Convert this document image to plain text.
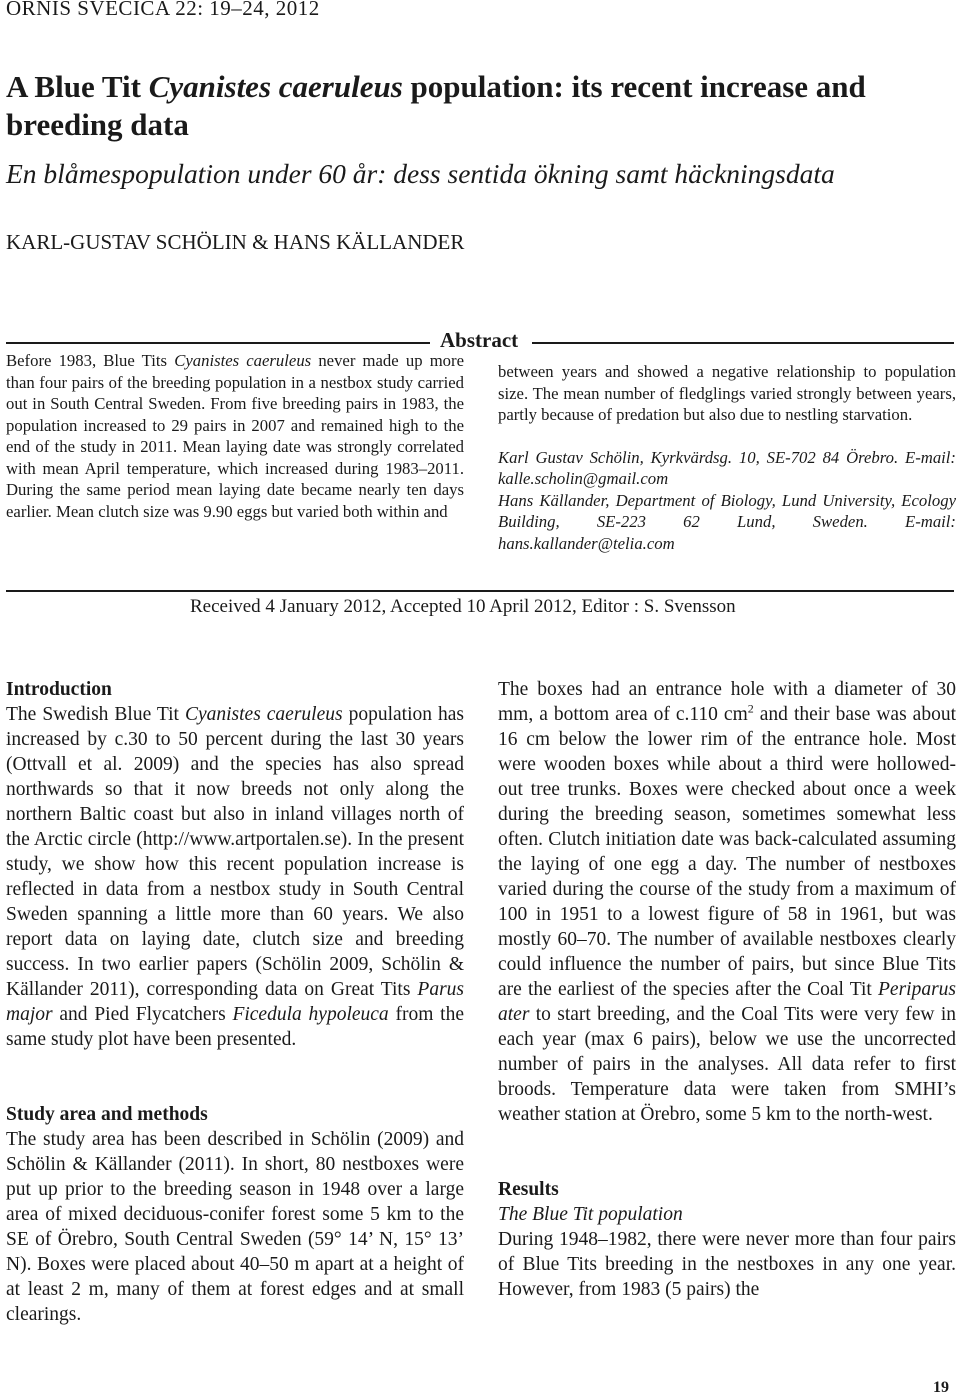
ORNIS SVECICA 22: 19–24, 2012
A Blue Tit Cyanistes caeruleus population: its recent increase and breeding data
En blåmespopulation under 60 år: dess sentida ökning samt häckningsdata
KARL-GUSTAV SCHÖLIN & HANS KÄLLANDER
Abstract

Before 1983, Blue Tits Cyanistes caeruleus never made up more than four pairs of the breeding population in a nestbox study carried out in South Central Sweden. From five breeding pairs in 1983, the population increased to 29 pairs in 2007 and remained high to the end of the study in 2011. Mean laying date was strongly correlated with mean April temperature, which increased during 1983–2011. During the same period mean laying date became nearly ten days earlier. Mean clutch size was 9.90 eggs but varied both within and

between years and showed a negative relationship to population size. The mean number of fledglings varied strongly between years, partly because of predation but also due to nestling starvation.

Karl Gustav Schölin, Kyrkvärdsg. 10, SE-702 84 Örebro. E-mail: kalle.scholin@gmail.com

Hans Källander, Department of Biology, Lund University, Ecology Building, SE-223 62 Lund, Sweden. E-mail: hans.kallander@telia.com

Received 4 January 2012, Accepted 10 April 2012, Editor : S. Svensson

Introduction

The Swedish Blue Tit Cyanistes caeruleus population has increased by c.30 to 50 percent during the last 30 years (Ottvall et al. 2009) and the species has also spread northwards so that it now breeds not only along the northern Baltic coast but also in inland villages north of the Arctic circle (http://www.artportalen.se). In the present study, we show how this recent population increase is reflected in data from a nestbox study in South Central Sweden spanning a little more than 60 years. We also report data on laying date, clutch size and breeding success. In two earlier papers (Schölin 2009, Schölin & Källander 2011), corresponding data on Great Tits Parus major and Pied Flycatchers Ficedula hypoleuca from the same study plot have been presented.

Study area and methods

The study area has been described in Schölin (2009) and Schölin & Källander (2011). In short, 80 nestboxes were put up prior to the breeding season in 1948 over a large area of mixed deciduous-conifer forest some 5 km to the SE of Örebro, South Central Sweden (59° 14’ N, 15° 13’ N). Boxes were placed about 40–50 m apart at a height of at least 2 m, many of them at forest edges and at small clearings.

The boxes had an entrance hole with a diameter of 30 mm, a bottom area of c.110 $cm^2$ and their base was about 16 cm below the lower rim of the entrance hole. Most were wooden boxes while about a third were hollowed-out tree trunks. Boxes were checked about once a week during the breeding season, sometimes somewhat less often. Clutch initiation date was back-calculated assuming the laying of one egg a day. The number of nestboxes varied during the course of the study from a maximum of 100 in 1951 to a lowest figure of 58 in 1961, but was mostly 60–70. The number of available nestboxes clearly could influence the number of pairs, but since Blue Tits are the earliest of the species after the Coal Tit Periparus ater to start breeding, and the Coal Tits were very few in each year (max 6 pairs), below we use the uncorrected number of pairs in the analyses. All data refer to first broods. Temperature data were taken from SMHI’s weather station at Örebro, some 5 km to the north-west.

Results

The Blue Tit population

During 1948–1982, there were never more than four pairs of Blue Tits breeding in the nestboxes in any one year. However, from 1983 (5 pairs) the

19
